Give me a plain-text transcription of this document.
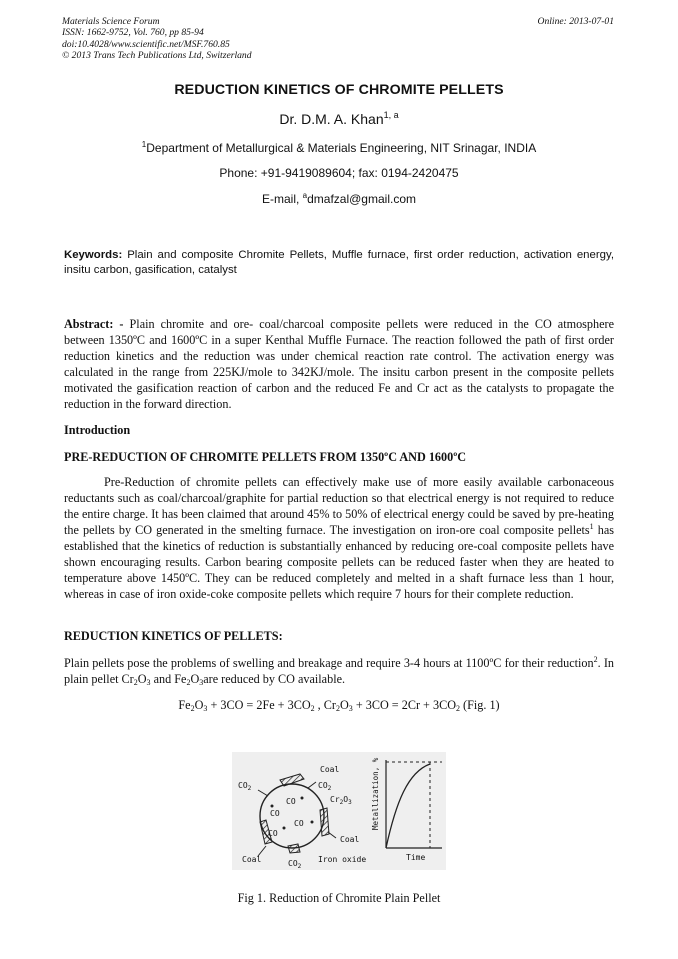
Materials Science Forum
ISSN: 1662-9752, Vol. 760, pp 85-94
doi:10.4028/www.scientific.net/MSF.760.85
© 2013 Trans Tech Publications Ltd, Switzerland
Online: 2013-07-01
REDUCTION KINETICS OF CHROMITE PELLETS
Dr. D.M. A. Khan$^{1, a}$
$^1$Department of Metallurgical & Materials Engineering, NIT Srinagar, INDIA
Phone: +91-9419089604; fax: 0194-2420475
E-mail, $^a$dmafzal@gmail.com
Keywords: Plain and composite Chromite Pellets, Muffle furnace, first order reduction, activation energy, insitu carbon, gasification, catalyst
Abstract: - Plain chromite and ore- coal/charcoal composite pellets were reduced in the CO atmosphere between 1350ºC and 1600ºC in a super Kenthal Muffle Furnace. The reaction followed the path of first order reduction kinetics and the reduction was under chemical reaction rate control. The activation energy was calculated in the range from 225KJ/mole to 342KJ/mole. The insitu carbon present in the composite pellets motivated the gasification reaction of carbon and the reduced Fe and Cr act as the catalysts to propagate the reduction in the forward direction.
Introduction
PRE-REDUCTION OF CHROMITE PELLETS FROM 1350ºC AND 1600ºC
Pre-Reduction of chromite pellets can effectively make use of more easily available carbonaceous reductants such as coal/charcoal/graphite for partial reduction so that electrical energy is not required to reduce the entire charge. It has been claimed that around 45% to 50% of electrical energy could be saved by pre-heating the pellets by CO generated in the smelting furnace. The investigation on iron-ore coal composite pellets$^1$ has established that the kinetics of reduction is substantially enhanced by reducing ore-coal composite pellets have shown encouraging results. Carbon bearing composite pellets can be reduced faster when they are heated to temperature above 1450ºC. They can be reduced completely and melted in a shaft furnace less than 1 hour, whereas in case of iron oxide-coke composite pellets which require 7 hours for their complete reduction.
REDUCTION KINETICS OF PELLETS:
Plain pellets pose the problems of swelling and breakage and require 3-4 hours at 1100ºC for their reduction$^2$. In plain pellet $Cr_2O_3$ and $Fe_2O_3are$ reduced by CO available.
$Fe_2O_3 + 3CO = 2Fe + 3CO_2$ , $Cr_2O_3 + 3CO = 2Cr + 3CO_2$ (Fig. 1)
Coal
$CO_2$
$CO_2$
$Cr_2O_3$
CO
CO
CO
CO
Coal
Coal	$CO_2$
Iron oxide
Metallization, %
Time
Fig 1. Reduction of Chromite Plain Pellet
